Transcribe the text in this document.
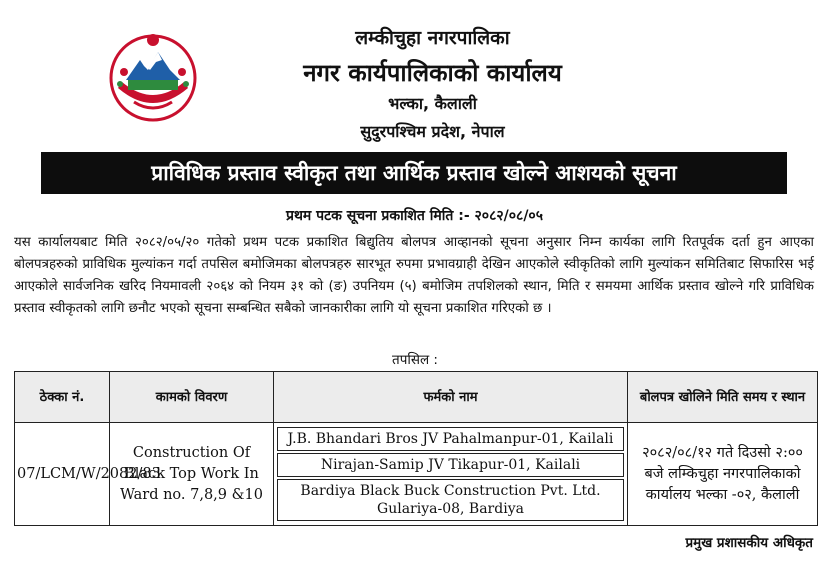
लम्कीचुहा नगरपालिका
नगर कार्यपालिकाको कार्यालय
भल्का, कैलाली
सुदुरपश्चिम प्रदेश, नेपाल
प्राविधिक प्रस्ताव स्वीकृत तथा आर्थिक प्रस्ताव खोल्ने आशयको सूचना
प्रथम पटक सूचना प्रकाशित मिति :- २०८२/०८/०५
यस कार्यालयबाट मिति २०८२/०५/२० गतेको प्रथम पटक प्रकाशित बिद्युतिय बोलपत्र आव्हानको सूचना अनुसार निम्न कार्यका लागि रितपूर्वक दर्ता हुन आएका बोलपत्रहरुको प्राविधिक मुल्यांकन गर्दा तपसिल बमोजिमका बोलपत्रहरु सारभूत रुपमा प्रभावग्राही देखिन आएकोले स्वीकृतिको लागि मुल्यांकन समितिबाट सिफारिस भई आएकोले सार्वजनिक खरिद नियमावली २०६४ को नियम ३१ को (ङ) उपनियम (५) बमोजिम तपशिलको स्थान, मिति र समयमा आर्थिक प्रस्ताव खोल्ने गरि प्राविधिक प्रस्ताव स्वीकृतको लागि छनौट भएको सूचना सम्बन्धित सबैको जानकारीका लागि यो सूचना प्रकाशित गरिएको छ ।
तपसिल :
ठेक्का नं.	कामको विवरण	फर्मको नाम	बोलपत्र खोलिने मिति समय र स्थान
07/LCM/W/2082/83	Construction Of Black Top Work In Ward no. 7,8,9 &10	J.B. Bhandari Bros JV Pahalmanpur-01, Kailali
Nirajan-Samip JV Tikapur-01, Kailali
Bardiya Black Buck Construction Pvt. Ltd. Gulariya-08, Bardiya	२०८२/०८/१२ गते दिउसो २:०० बजे लम्किचुहा नगरपालिकाको कार्यालय भल्का -०२, कैलाली
प्रमुख प्रशासकीय अधिकृत
